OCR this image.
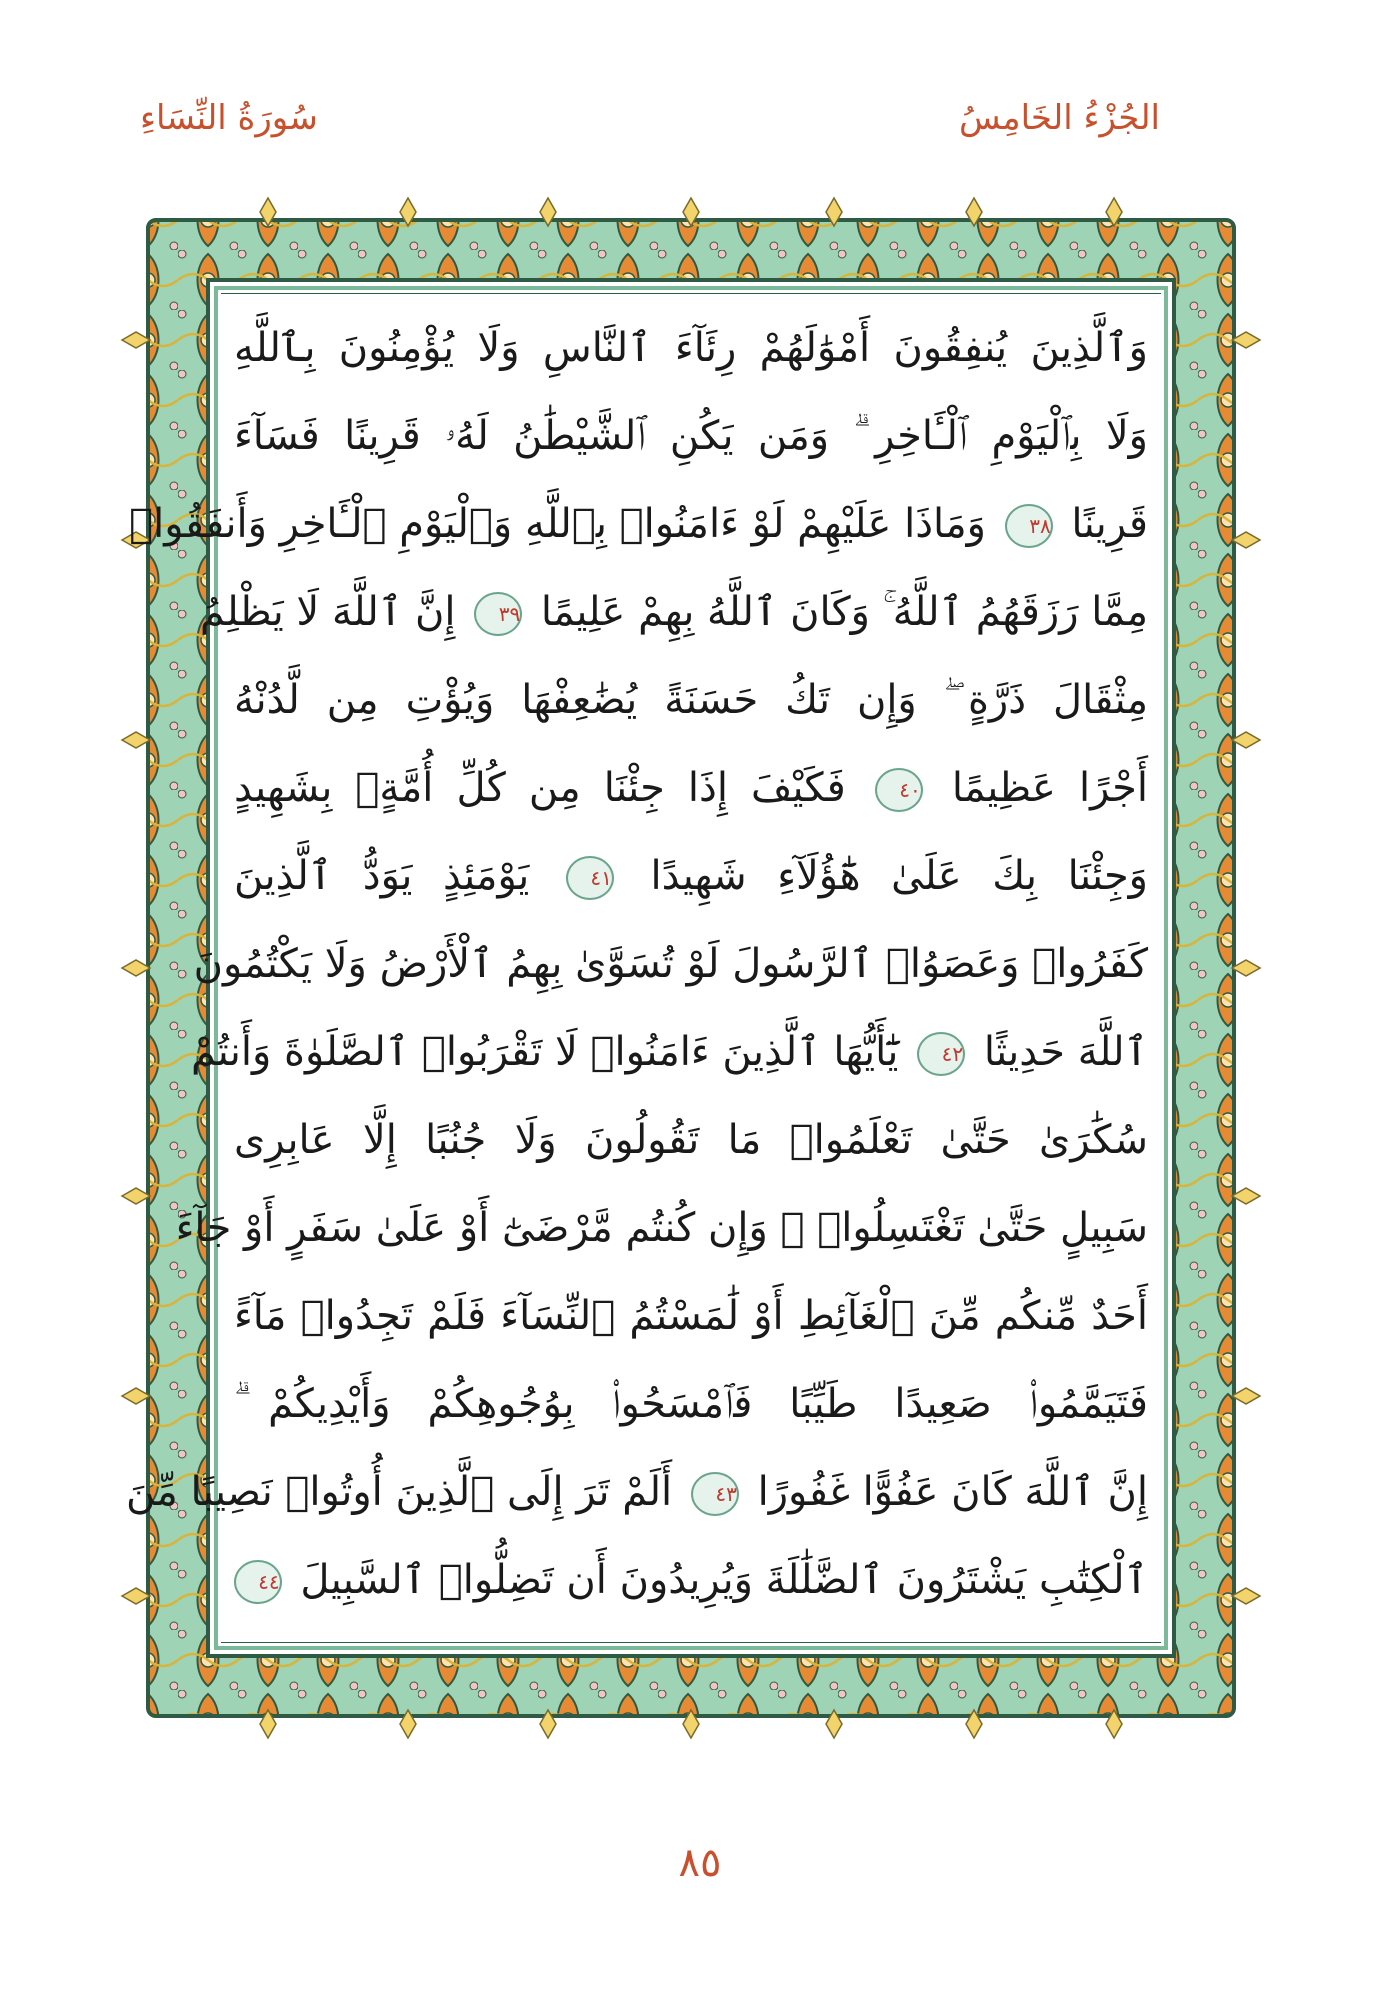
الجُزْءُ الخَامِسُ
سُورَةُ النِّسَاءِ
وَٱلَّذِينَ يُنفِقُونَ أَمْوَٰلَهُمْ رِئَآءَ ٱلنَّاسِ وَلَا يُؤْمِنُونَ بِٱللَّهِ
وَلَا بِٱلْيَوْمِ ٱلْـَٔاخِرِ ۗ وَمَن يَكُنِ ٱلشَّيْطَٰنُ لَهُۥ قَرِينًا فَسَآءَ
قَرِينًا ٣٨ وَمَاذَا عَلَيْهِمْ لَوْ ءَامَنُوا۟ بِٱللَّهِ وَٱلْيَوْمِ ٱلْـَٔاخِرِ وَأَنفَقُوا۟
مِمَّا رَزَقَهُمُ ٱللَّهُ ۚ وَكَانَ ٱللَّهُ بِهِمْ عَلِيمًا ٣٩ إِنَّ ٱللَّهَ لَا يَظْلِمُ
مِثْقَالَ ذَرَّةٍ ۖ وَإِن تَكُ حَسَنَةً يُضَٰعِفْهَا وَيُؤْتِ مِن لَّدُنْهُ
أَجْرًا عَظِيمًا ٤٠ فَكَيْفَ إِذَا جِئْنَا مِن كُلِّ أُمَّةٍۭ بِشَهِيدٍ
وَجِئْنَا بِكَ عَلَىٰ هَٰٓؤُلَآءِ شَهِيدًا ٤١ يَوْمَئِذٍ يَوَدُّ ٱلَّذِينَ
كَفَرُوا۟ وَعَصَوُا۟ ٱلرَّسُولَ لَوْ تُسَوَّىٰ بِهِمُ ٱلْأَرْضُ وَلَا يَكْتُمُونَ
ٱللَّهَ حَدِيثًا ٤٢ يَٰٓأَيُّهَا ٱلَّذِينَ ءَامَنُوا۟ لَا تَقْرَبُوا۟ ٱلصَّلَوٰةَ وَأَنتُمْ
سُكَٰرَىٰ حَتَّىٰ تَعْلَمُوا۟ مَا تَقُولُونَ وَلَا جُنُبًا إِلَّا عَابِرِى
سَبِيلٍ حَتَّىٰ تَغْتَسِلُوا۟ ۚ وَإِن كُنتُم مَّرْضَىٰٓ أَوْ عَلَىٰ سَفَرٍ أَوْ جَآءَ
أَحَدٌ مِّنكُم مِّنَ ٱلْغَآئِطِ أَوْ لَٰمَسْتُمُ ٱلنِّسَآءَ فَلَمْ تَجِدُوا۟ مَآءً
فَتَيَمَّمُوا۟ صَعِيدًا طَيِّبًا فَٱمْسَحُوا۟ بِوُجُوهِكُمْ وَأَيْدِيكُمْ ۗ
إِنَّ ٱللَّهَ كَانَ عَفُوًّا غَفُورًا ٤٣ أَلَمْ تَرَ إِلَى ٱلَّذِينَ أُوتُوا۟ نَصِيبًا مِّنَ
ٱلْكِتَٰبِ يَشْتَرُونَ ٱلضَّلَٰلَةَ وَيُرِيدُونَ أَن تَضِلُّوا۟ ٱلسَّبِيلَ ٤٤
٨٥
